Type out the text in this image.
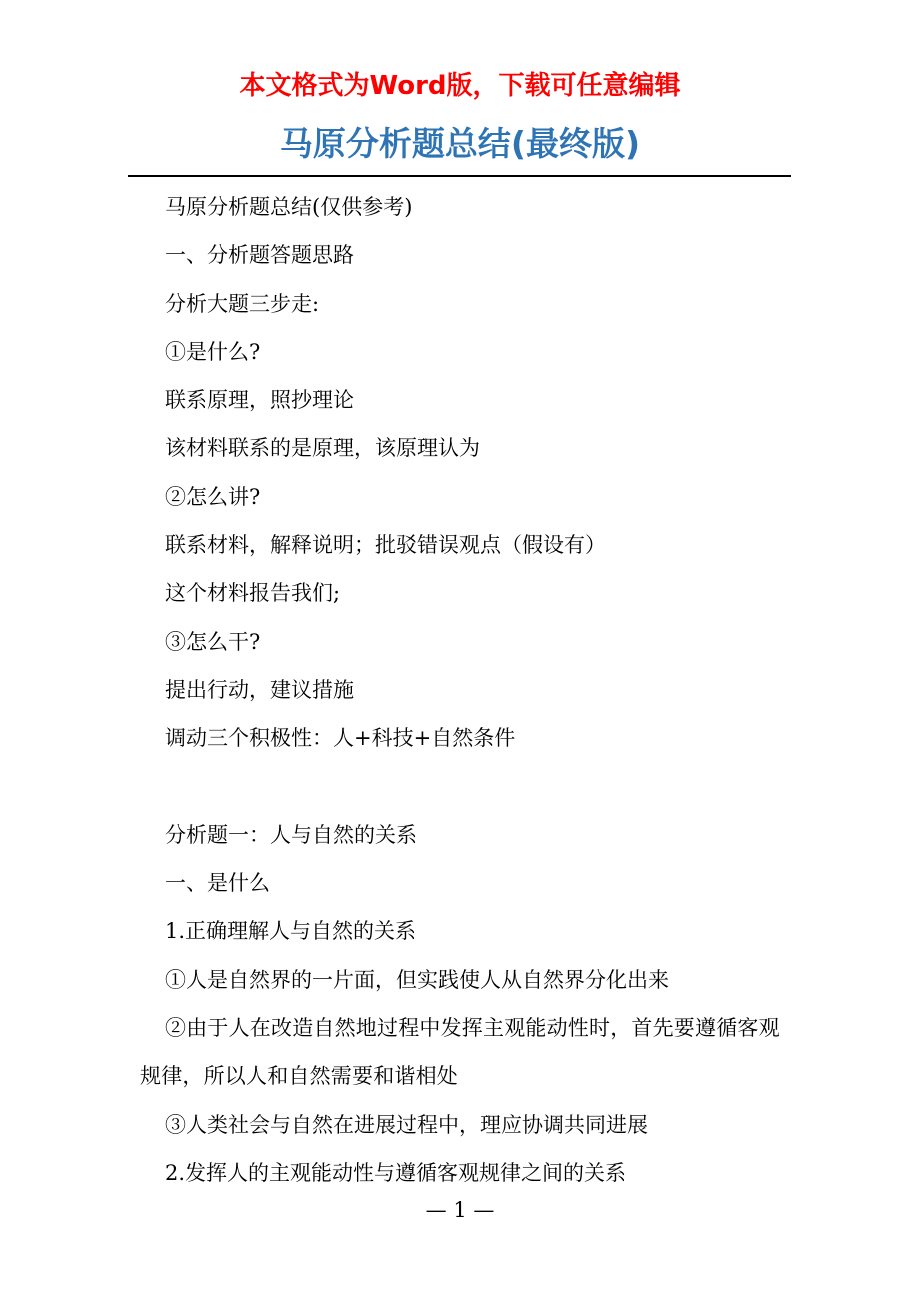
本文格式为Word版，下载可任意编辑
马原分析题总结(最终版)

马原分析题总结(仅供参考)

一、分析题答题思路

分析大题三步走:

①是什么?

联系原理，照抄理论

该材料联系的是原理，该原理认为

②怎么讲?

联系材料，解释说明；批驳错误观点（假设有）

这个材料报告我们;

③怎么干?

提出行动，建议措施

调动三个积极性：人+科技+自然条件

分析题一：人与自然的关系

一、是什么

1.正确理解人与自然的关系

①人是自然界的一片面，但实践使人从自然界分化出来

②由于人在改造自然地过程中发挥主观能动性时，首先要遵循客观规律，所以人和自然需要和谐相处

③人类社会与自然在进展过程中，理应协调共同进展

2.发挥人的主观能动性与遵循客观规律之间的关系

— 1 —
